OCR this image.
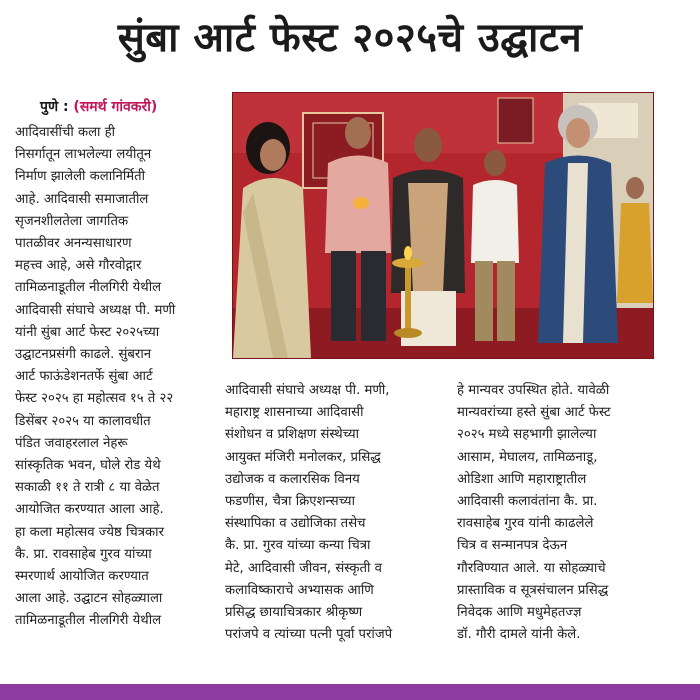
सुंबा आर्ट फेस्ट २०२५चे उद्घाटन
पुणे : (समर्थ गांवकरी)

आदिवासींची कला ही

निसर्गातून लाभलेल्या लयीतून

निर्माण झालेली कलानिर्मिती

आहे. आदिवासी समाजातील

सृजनशीलतेला जागतिक

पातळीवर अनन्यसाधारण

महत्त्व आहे, असे गौरवोद्गार

तामिळनाडूतील नीलगिरी येथील

आदिवासी संघाचे अध्यक्ष पी. मणी

यांनी सुंबा आर्ट फेस्ट २०२५च्या

उद्घाटनप्रसंगी काढले. सुंबरान

आर्ट फाऊंडेशनतर्फे सुंबा आर्ट

फेस्ट २०२५ हा महोत्सव १५ ते २२

डिसेंबर २०२५ या कालावधीत

पंडित जवाहरलाल नेहरू

सांस्कृतिक भवन, घोले रोड येथे

सकाळी ११ ते रात्री ८ या वेळेत

आयोजित करण्यात आला आहे.

हा कला महोत्सव ज्येष्ठ चित्रकार

कै. प्रा. रावसाहेब गुरव यांच्या

स्मरणार्थ आयोजित करण्यात

आला आहे. उद्घाटन सोहळ्याला

तामिळनाडूतील नीलगिरी येथील

आदिवासी संघाचे अध्यक्ष पी. मणी,

महाराष्ट्र शासनाच्या आदिवासी

संशोधन व प्रशिक्षण संस्थेच्या

आयुक्त मंजिरी मनोलकर, प्रसिद्ध

उद्योजक व कलारसिक विनय

फडणीस, चैत्रा क्रिएशन्सच्या

संस्थापिका व उद्योजिका तसेच

कै. प्रा. गुरव यांच्या कन्या चित्रा

मेटे, आदिवासी जीवन, संस्कृती व

कलाविष्काराचे अभ्यासक आणि

प्रसिद्ध छायाचित्रकार श्रीकृष्ण

परांजपे व त्यांच्या पत्नी पूर्वा परांजपे

हे मान्यवर उपस्थित होते. यावेळी

मान्यवरांच्या हस्ते सुंबा आर्ट फेस्ट

२०२५ मध्ये सहभागी झालेल्या

आसाम, मेघालय, तामिळनाडू,

ओडिशा आणि महाराष्ट्रातील

आदिवासी कलावंतांना कै. प्रा.

रावसाहेब गुरव यांनी काढलेले

चित्र व सन्मानपत्र देऊन

गौरविण्यात आले. या सोहळ्याचे

प्रास्ताविक व सूत्रसंचालन प्रसिद्ध

निवेदक आणि मधुमेहतज्ज्ञ

डॉ. गौरी दामले यांनी केले.
